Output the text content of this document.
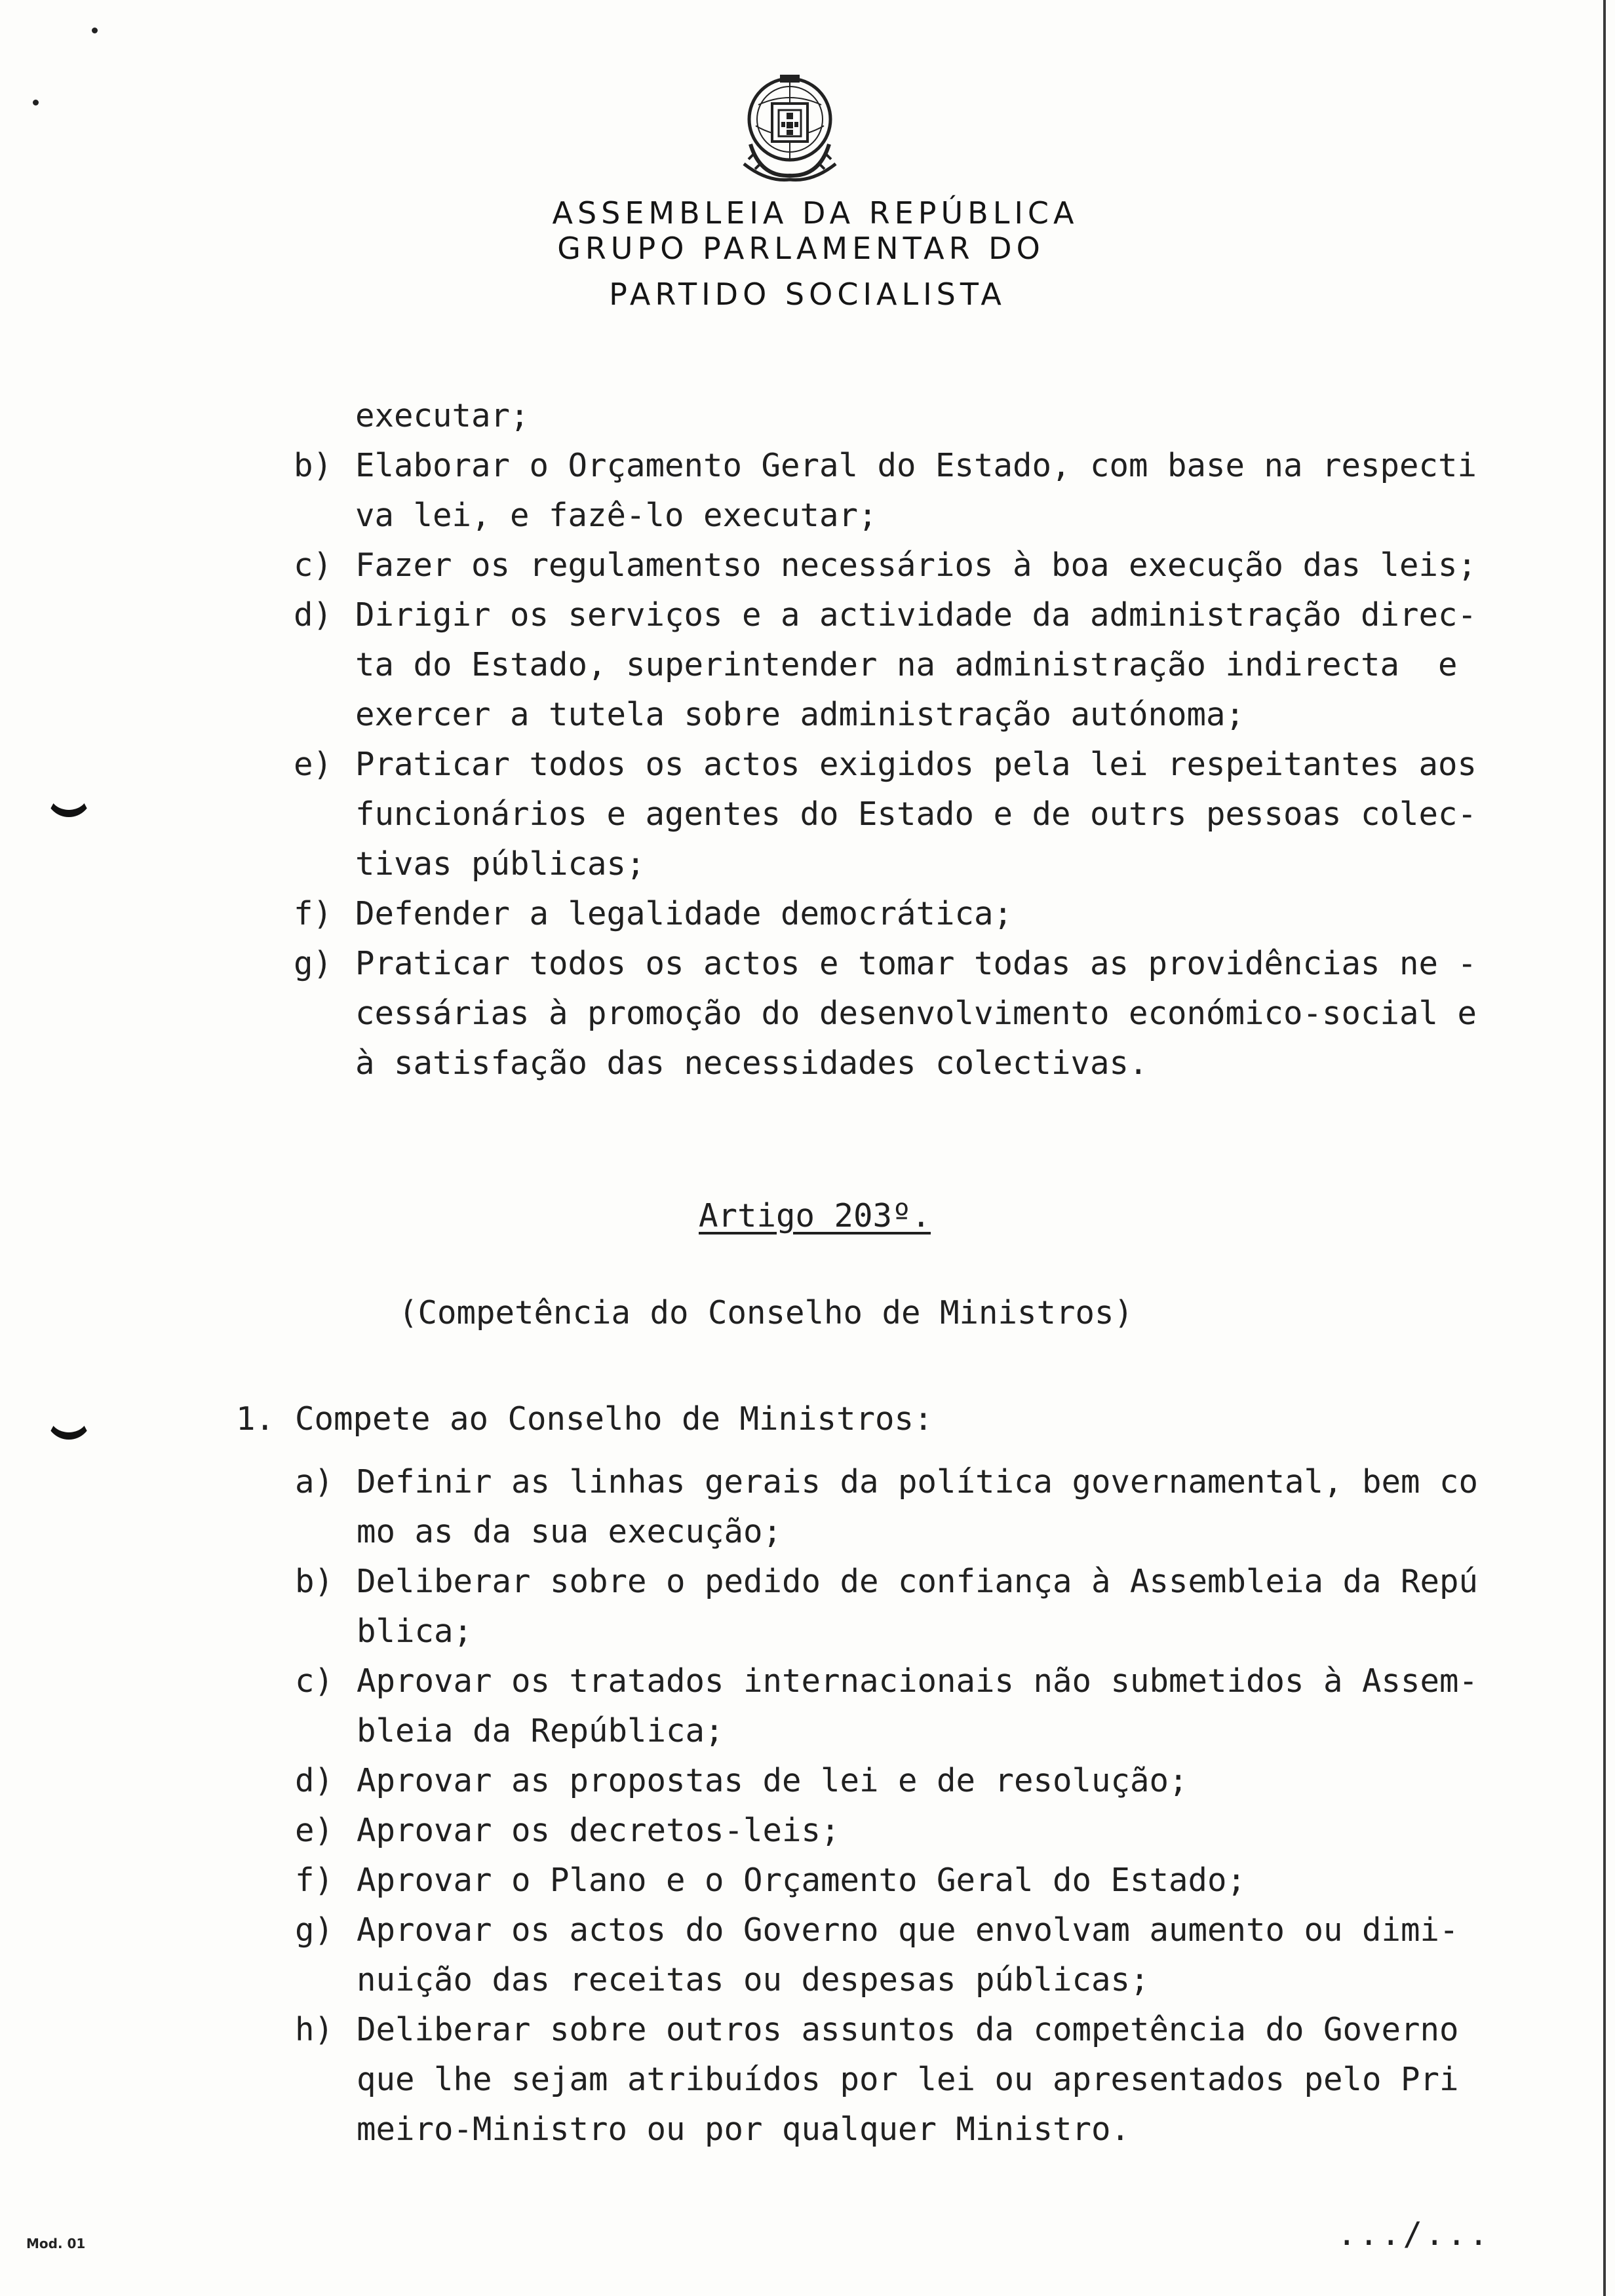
ASSEMBLEIA DA REPÚBLICA
GRUPO PARLAMENTAR DO
PARTIDO SOCIALISTA
executar;
b) Elaborar o Orçamento Geral do Estado, com base na respecti
va lei, e fazê-lo executar;
c) Fazer os regulamentso necessários à boa execução das leis;
d) Dirigir os serviços e a actividade da administração direc-
ta do Estado, superintender na administração indirecta  e
exercer a tutela sobre administração autónoma;
e) Praticar todos os actos exigidos pela lei respeitantes aos
funcionários e agentes do Estado e de outrs pessoas colec-
tivas públicas;
f) Defender a legalidade democrática;
g) Praticar todos os actos e tomar todas as providências ne -
cessárias à promoção do desenvolvimento económico-social e
à satisfação das necessidades colectivas.
Artigo 203º.
(Competência do Conselho de Ministros)
1. Compete ao Conselho de Ministros:
a) Definir as linhas gerais da política governamental, bem co
mo as da sua execução;
b) Deliberar sobre o pedido de confiança à Assembleia da Repú
blica;
c) Aprovar os tratados internacionais não submetidos à Assem-
bleia da República;
d) Aprovar as propostas de lei e de resolução;
e) Aprovar os decretos-leis;
f) Aprovar o Plano e o Orçamento Geral do Estado;
g) Aprovar os actos do Governo que envolvam aumento ou dimi-
nuição das receitas ou despesas públicas;
h) Deliberar sobre outros assuntos da competência do Governo
que lhe sejam atribuídos por lei ou apresentados pelo Pri
meiro-Ministro ou por qualquer Ministro.
Mod. 01	.../...
